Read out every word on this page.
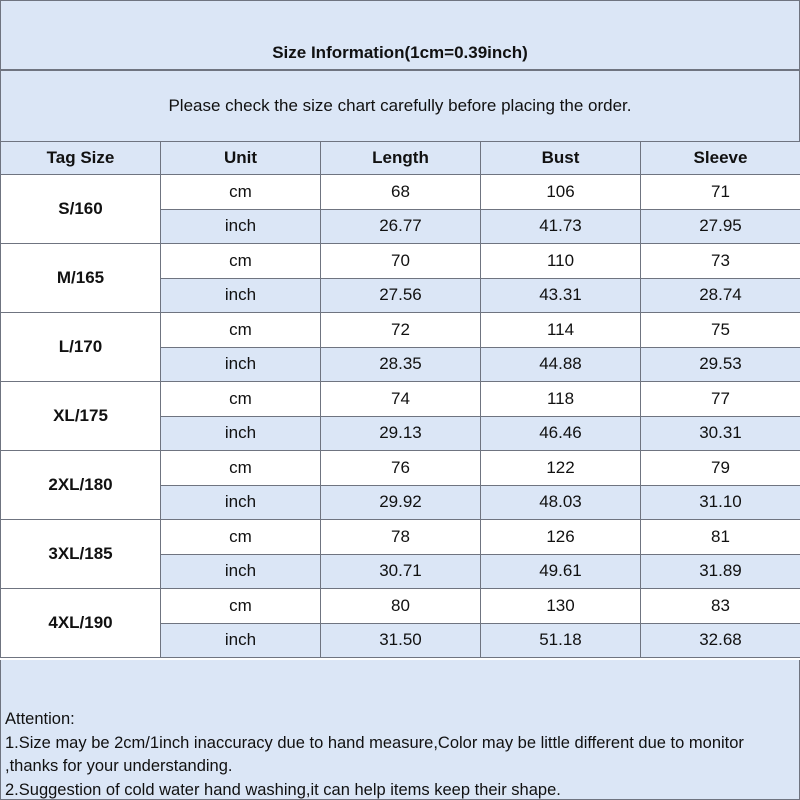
Size Information(1cm=0.39inch)
Please check the size chart carefully before placing the order.
Tag Size	Unit	Length	Bust	Sleeve
S/160	cm	68	106	71
	inch	26.77	41.73	27.95
M/165	cm	70	110	73
	inch	27.56	43.31	28.74
L/170	cm	72	114	75
	inch	28.35	44.88	29.53
XL/175	cm	74	118	77
	inch	29.13	46.46	30.31
2XL/180	cm	76	122	79
	inch	29.92	48.03	31.10
3XL/185	cm	78	126	81
	inch	30.71	49.61	31.89
4XL/190	cm	80	130	83
	inch	31.50	51.18	32.68

Attention:

1.Size may be 2cm/1inch inaccuracy due to hand measure,Color may be little different due to monitor ,thanks for your understanding.

2.Suggestion of cold water hand washing,it can help items keep their shape.
